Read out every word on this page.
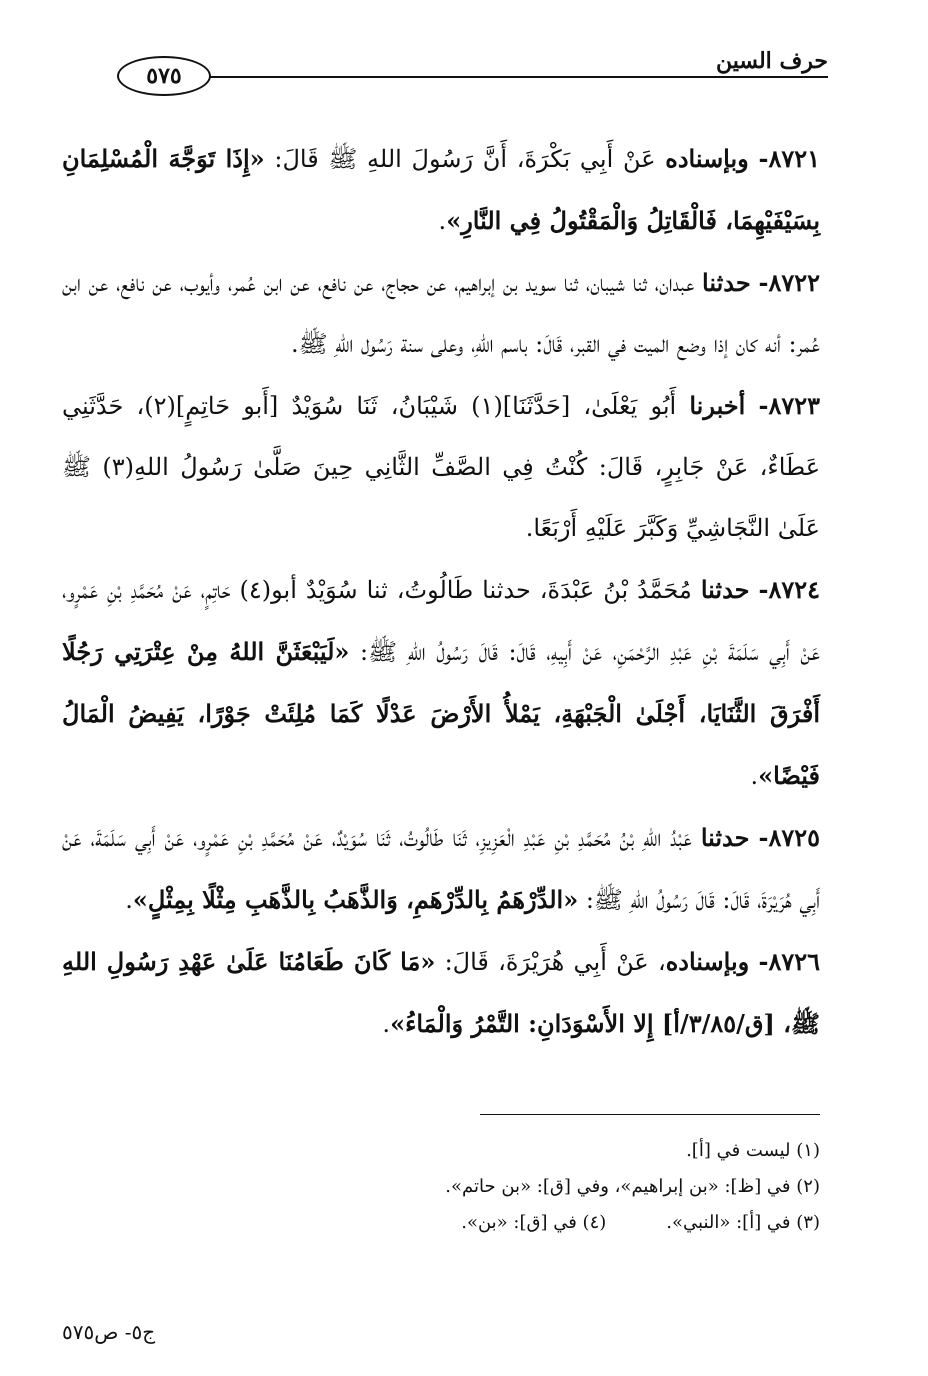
حرف السين
٥٧٥

٨٧٢١- وبإسناده عَنْ أَبِي بَكْرَةَ، أَنَّ رَسُولَ اللهِ ﷺ قَالَ: «إِذَا تَوَجَّهَ الْمُسْلِمَانِ بِسَيْفَيْهِمَا، فَالْقَاتِلُ وَالْمَقْتُولُ فِي النَّارِ».

٨٧٢٢- حدثنا عبدان، ثنا شيبان، ثنا سويد بن إبراهيم، عن حجاج، عن نافع، عن ابن عُمر، وأيوب، عن نافع، عن ابن عُمر: أنه كان إذا وضع الميت في القبر، قَالَ: باسم اللهِ، وعلى سنة رَسُول اللهِ ﷺ.

٨٧٢٣- أخبرنا أَبُو يَعْلَىٰ، [حَدَّثَنَا](١) شَيْبَانُ، ثَنَا سُوَيْدٌ [أَبو حَاتِمٍ](٢)، حَدَّثَنِي عَطَاءٌ، عَنْ جَابِرٍ، قَالَ: كُنْتُ فِي الصَّفِّ الثَّانِي حِينَ صَلَّىٰ رَسُولُ اللهِ(٣) ﷺ عَلَىٰ النَّجَاشِيِّ وَكَبَّرَ عَلَيْهِ أَرْبَعًا.

٨٧٢٤- حدثنا مُحَمَّدُ بْنُ عَبْدَةَ، حدثنا طَالُوتُ، ثنا سُوَيْدٌ أبو(٤) حَاتِمٍ، عَنْ مُحَمَّدِ بْنِ عَمْرٍو، عَنْ أَبِي سَلَمَةَ بْنِ عَبْدِ الرَّحْمَنِ، عَنْ أَبِيهِ، قَالَ: قَالَ رَسُولُ اللهِ ﷺ: «لَيَبْعَثَنَّ اللهُ مِنْ عِتْرَتِي رَجُلًا أَفْرَقَ الثَّنَايَا، أَجْلَىٰ الْجَبْهَةِ، يَمْلأُ الأَرْضَ عَدْلًا كَمَا مُلِئَتْ جَوْرًا، يَفِيضُ الْمَالُ فَيْضًا».

٨٧٢٥- حدثنا عَبْدُ اللهِ بْنُ مُحَمَّدِ بْنِ عَبْدِ الْعَزِيزِ، ثَنَا طَالُوتُ، ثَنَا سُوَيْدٌ، عَنْ مُحَمَّدِ بْنِ عَمْرٍو، عَنْ أَبِي سَلَمَةَ، عَنْ أَبِي هُرَيْرَةَ، قَالَ: قَالَ رَسُولُ اللهِ ﷺ: «الدِّرْهَمُ بِالدِّرْهَمِ، وَالذَّهَبُ بِالذَّهَبِ مِثْلًا بِمِثْلٍ».

٨٧٢٦- وبإسناده، عَنْ أَبِي هُرَيْرَةَ، قَالَ: «مَا كَانَ طَعَامُنَا عَلَىٰ عَهْدِ رَسُولِ اللهِ ﷺ، [ق/٣/٨٥/أ] إِلا الأَسْوَدَانِ: التَّمْرُ وَالْمَاءُ».

(١) ليست في [أ].

(٢) في [ظ]: «بن إبراهيم»، وفي [ق]: «بن حاتم».

(٣) في [أ]: «النبي».(٤) في [ق]: «بن».

ج٥- ص٥٧٥
